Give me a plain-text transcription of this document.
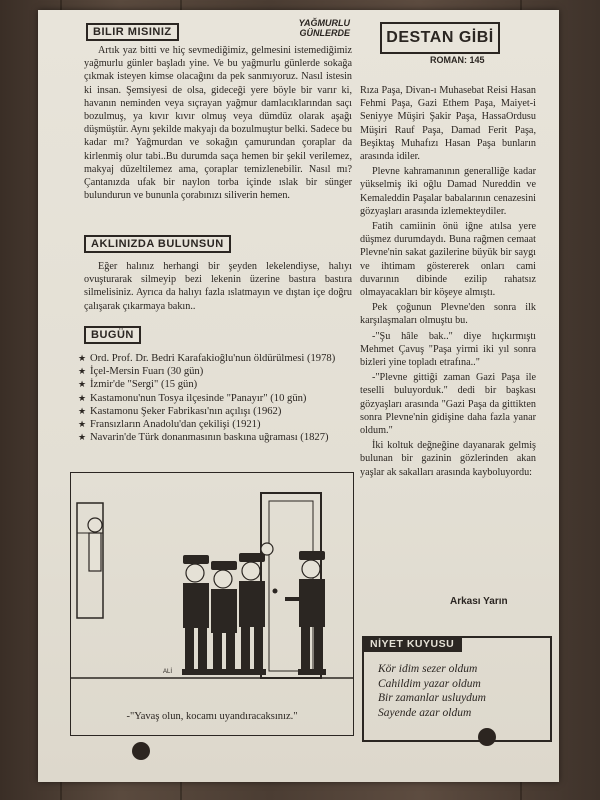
BILIR MISINIZ
YAĞMURLU
GÜNLERDE DESTAN GİBİ
ROMAN: 145

Artık yaz bitti ve hiç sevmediğimiz, gelmesini istemediğimiz yağmurlu günler başladı yine. Ve bu yağmurlu günlerde sokağa çıkmak isteyen kimse olacağını da pek sanmıyoruz. Nasıl istesin ki insan. Şemsiyesi de olsa, gideceği yere böyle bir varır ki, havanın neminden veya sıçrayan yağmur damlacıklarından saçı bozulmuş, ya kıvır kıvır olmuş veya dümdüz olarak aşağı düşmüştür. Aynı şekilde makyajı da bozulmuştur belki. Sadece bu kadar mı? Yağmurdan ve sokağın çamurundan çoraplar da kirlenmiş olur tabi..Bu durumda saça hemen bir şekil verilemez, makyaj düzeltilemez ama, çoraplar temizlenebilir. Nasıl mı? Çantanızda ufak bir naylon torba içinde ıslak bir sünger bulundurun ve bununla çorabınızı siliverin hemen.

AKLINIZDA BULUNSUN

Eğer halınız herhangi bir şeyden lekelendiyse, halıyı ovuşturarak silmeyip bezi lekenin üzerine bastıra bastıra silmelisiniz. Ayrıca da halıyı fazla ıslatmayın ve dıştan içe doğru çalışarak çıkarmaya bakın..

BUGÜN
★ Ord. Prof. Dr. Bedri Karafakioğlu'nun öldürülmesi (1978)
★ İçel-Mersin Fuarı (30 gün)
★ İzmir'de "Sergi" (15 gün)
★ Kastamonu'nun Tosya ilçesinde "Panayır" (10 gün)
★ Kastamonu Şeker Fabrikası'nın açılışı (1962)
★ Fransızların Anadolu'dan çekilişi (1921)
★ Navarin'de Türk donanmasının baskına uğraması (1827)
ALİ
-"Yavaş olun, kocamı uyandıracaksınız."

Rıza Paşa, Divan-ı Muhasebat Reisi Hasan Fehmi Paşa, Gazi Ethem Paşa, Maiyet-i Seniyye Müşiri Şakir Paşa, HassaOrdusu Müşiri Rauf Paşa, Damad Ferit Paşa, Beşiktaş Muhafızı Hasan Paşa bunların arasında idiler.

Plevne kahramanının generalliğe kadar yükselmiş iki oğlu Damad Nureddin ve Kemaleddin Paşalar babalarının cenazesini gözyaşları arasında izlemekteydiler.

Fatih camiinin önü iğne atılsa yere düşmez durumdaydı. Buna rağmen cemaat Plevne'nin sakat gazilerine büyük bir saygı ve ihtimam göstererek onları cami duvarının dibinde ezilip rahatsız olmayacakları bir köşeye almıştı.

Pek çoğunun Plevne'den sonra ilk karşılaşmaları olmuştu bu.

-"Şu hâle bak.." diye hıçkırmıştı Mehmet Çavuş "Paşa yirmi iki yıl sonra bizleri yine topladı etrafına.."

-"Plevne gittiği zaman Gazi Paşa ile teselli buluyorduk." dedi bir başkası gözyaşları arasında "Gazi Paşa da gittikten sonra Plevne'nin gidişine daha fazla yanar oldum."

İki koltuk değneğine dayanarak gelmiş bulunan bir gazinin gözlerinden akan yaşlar ak sakalları arasında kayboluyordu:

Arkası Yarın
NİYET KUYUSU
Kör idim sezer oldum
Cahildim yazar oldum
Bir zamanlar usluydum
Sayende azar oldum
